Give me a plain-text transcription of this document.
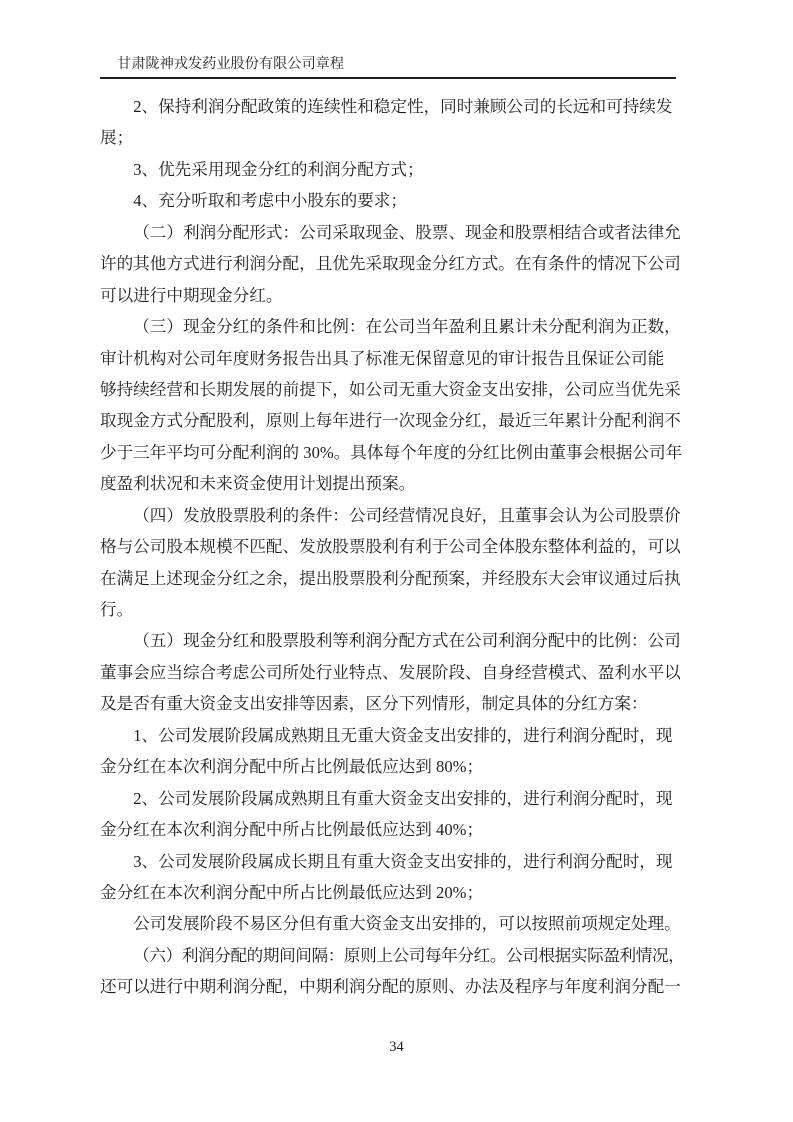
甘肃陇神戎发药业股份有限公司章程

2、保持利润分配政策的连续性和稳定性，同时兼顾公司的长远和可持续发
展；

3、优先采用现金分红的利润分配方式；

4、充分听取和考虑中小股东的要求；

（二）利润分配形式：公司采取现金、股票、现金和股票相结合或者法律允
许的其他方式进行利润分配，且优先采取现金分红方式。在有条件的情况下公司
可以进行中期现金分红。

（三）现金分红的条件和比例：在公司当年盈利且累计未分配利润为正数，
审计机构对公司年度财务报告出具了标准无保留意见的审计报告且保证公司能
够持续经营和长期发展的前提下，如公司无重大资金支出安排，公司应当优先采
取现金方式分配股利，原则上每年进行一次现金分红，最近三年累计分配利润不
少于三年平均可分配利润的 30%。具体每个年度的分红比例由董事会根据公司年
度盈利状况和未来资金使用计划提出预案。

（四）发放股票股利的条件：公司经营情况良好，且董事会认为公司股票价
格与公司股本规模不匹配、发放股票股利有利于公司全体股东整体利益的，可以
在满足上述现金分红之余，提出股票股利分配预案，并经股东大会审议通过后执
行。

（五）现金分红和股票股利等利润分配方式在公司利润分配中的比例：公司
董事会应当综合考虑公司所处行业特点、发展阶段、自身经营模式、盈利水平以
及是否有重大资金支出安排等因素，区分下列情形，制定具体的分红方案：

1、公司发展阶段属成熟期且无重大资金支出安排的，进行利润分配时，现
金分红在本次利润分配中所占比例最低应达到 80%；

2、公司发展阶段属成熟期且有重大资金支出安排的，进行利润分配时，现
金分红在本次利润分配中所占比例最低应达到 40%；

3、公司发展阶段属成长期且有重大资金支出安排的，进行利润分配时，现
金分红在本次利润分配中所占比例最低应达到 20%；

公司发展阶段不易区分但有重大资金支出安排的，可以按照前项规定处理。

（六）利润分配的期间间隔：原则上公司每年分红。公司根据实际盈利情况，
还可以进行中期利润分配，中期利润分配的原则、办法及程序与年度利润分配一

34
